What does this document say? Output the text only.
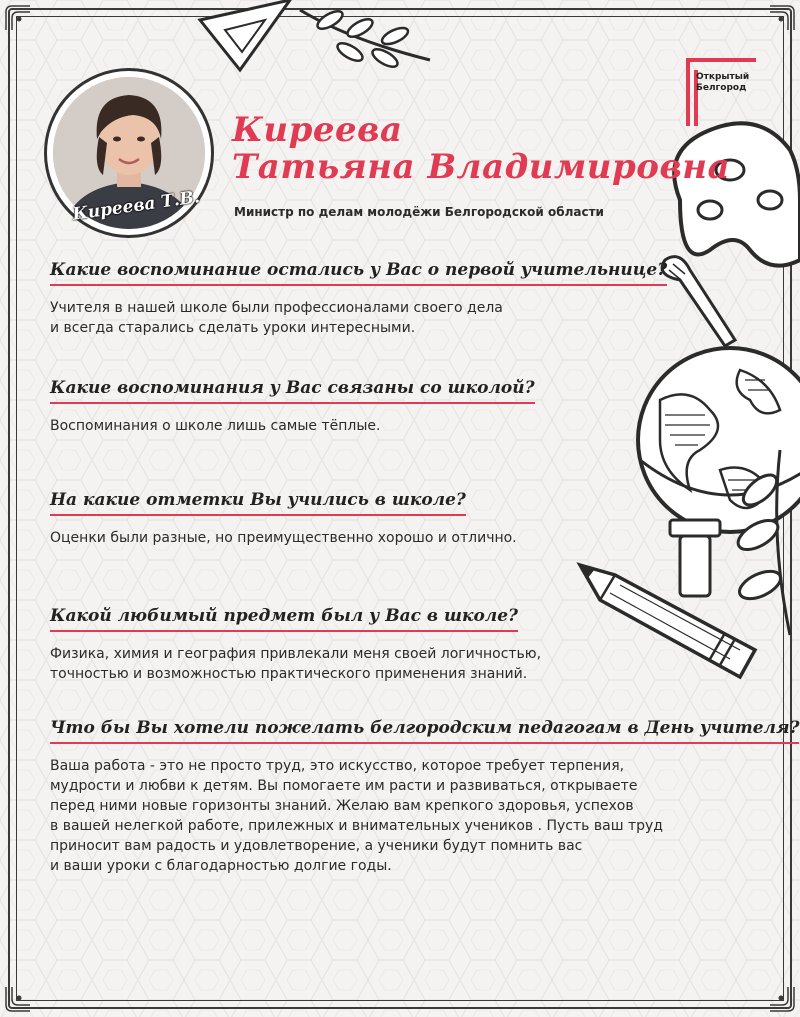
Киреева Т.В.
Киреева
Татьяна Владимировна
Министр по делам молодёжи Белгородской области
Открытый
Белгород
Какие воспоминание остались у Вас о первой учительнице?
Учителя в нашей школе были профессионалами своего дела
и всегда старались сделать уроки интересными.
Какие воспоминания у Вас связаны со школой?
Воспоминания о школе лишь самые тёплые.
На какие отметки Вы учились в школе?
Оценки были разные, но преимущественно хорошо и отлично.
Какой любимый предмет был у Вас в школе?
Физика, химия и география привлекали меня своей логичностью,
точностью и возможностью практического применения знаний.
Что бы Вы хотели пожелать белгородским педагогам в День учителя?
Ваша работа - это не просто труд, это искусство, которое требует терпения,
мудрости и любви к детям. Вы помогаете им расти и развиваться, открываете
перед ними новые горизонты знаний. Желаю вам крепкого здоровья, успехов
в вашей нелегкой работе, прилежных и внимательных учеников . Пусть ваш труд
приносит вам радость и удовлетворение, а ученики будут помнить вас
и ваши уроки с благодарностью долгие годы.
